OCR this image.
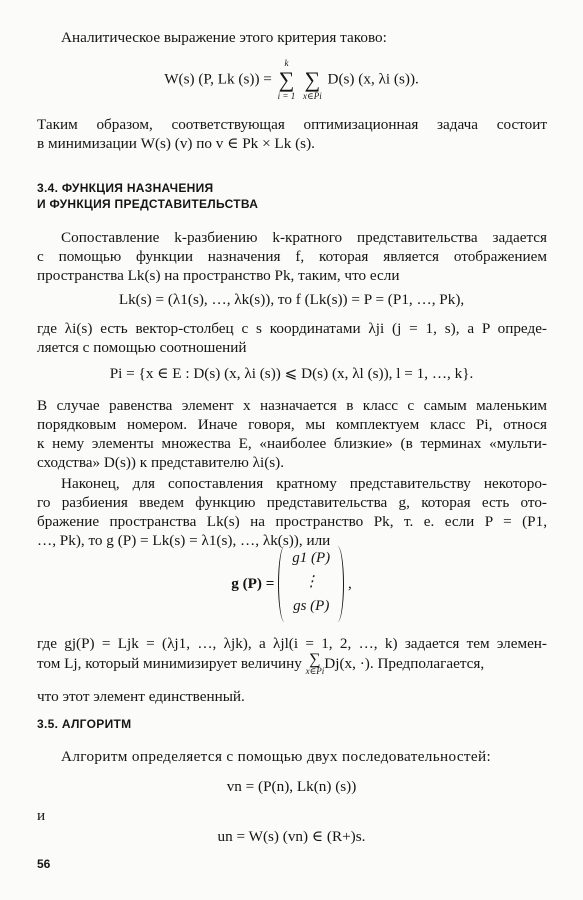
Аналитическое выражение этого критерия таково:
W(s) (P, Lk (s)) =
k
∑
i = 1

∑
x∈Pi
D(s) (x, λi (s)).
Таким образом, соответствующая оптимизационная задача состоит
в минимизации W(s) (v) по v ∈ Pk × Lk (s).
3.4. ФУНКЦИЯ НАЗНАЧЕНИЯ
И ФУНКЦИЯ ПРЕДСТАВИТЕЛЬСТВА
Сопоставление k-разбиению k-кратного представительства задается
с помощью функции назначения f, которая является отображением
пространства Lk(s) на пространство Pk, таким, что если
Lk(s) = (λ1(s), …, λk(s)), то f (Lk(s)) = P = (P1, …, Pk),
где λi(s) есть вектор-столбец с s координатами λji (j = 1, s), а P опреде-
ляется с помощью соотношений
Pi = {x ∈ E : D(s) (x, λi (s)) ⩽ D(s) (x, λl (s)), l = 1, …, k}.
В случае равенства элемент x назначается в класс с самым маленьким
порядковым номером. Иначе говоря, мы комплектуем класс Pi, относя
к нему элементы множества E, «наиболее близкие» (в терминах «мульти-
сходства» D(s)) к представителю λi(s).
Наконец, для сопоставления кратному представительству некоторо-
го разбиения введем функцию представительства g, которая есть ото-
бражение пространства Lk(s) на пространство Pk, т. е. если P = (P1,
…, Pk), то g (P) = Lk(s) = λ1(s), …, λk(s)), или
g (P) =
g1 (P)
⋮
gs (P)
,
где gj(P) = Ljk = (λj1, …, λjk), а λjl(i = 1, 2, …, k) задается тем элемен-
том Lj, который минимизирует величину ∑
x∈Pi Dj(x, ·). Предполагается,
что этот элемент единственный.
3.5. АЛГОРИТМ
Алгоритм определяется с помощью двух последовательностей:
vn = (P(n), Lk(n) (s))
и
un = W(s) (vn) ∈ (R+)s.
56
